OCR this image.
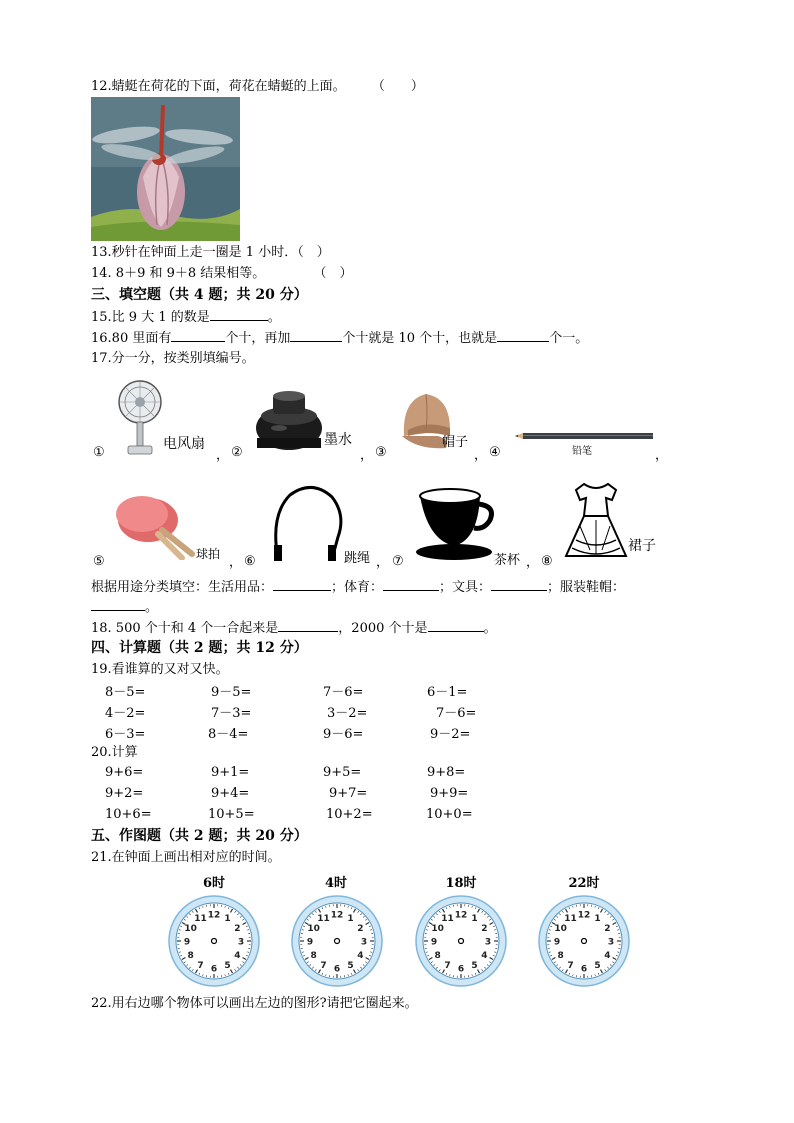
12.蜻蜓在荷花的下面，荷花在蜻蜓的上面。 （　　）
13.秒针在钟面上走一圈是 1 小时．（　）
14. 8＋9 和 9＋8 结果相等。	（　）
三、填空题（共 4 题；共 20 分）
15.比 9 大 1 的数是	。
16.80 里面有	个十，再加	个十就是 10 个十，也就是	个一。
17.分一分，按类别填编号。
①
电风扇
， ②
墨水
， ③
帽子
， ④	铅笔	，
⑤	球拍
， ⑥	跳绳 ， ⑦	茶杯 ， ⑧
裙子
根据用途分类填空：生活用品：	；体育：	；文具：	；服装鞋帽：
。
18. 500 个十和 4 个一合起来是	，2000 个十是	。
四、计算题（共 2 题；共 12 分）
19.看谁算的又对又快。
8－5=	9－5=	7－6=	6－1=
4－2=	7－3=	3－2=	7－6=
6－3=	8－4=	9－6=	9－2=
20.计算
9+6=	9+1=	9+5=	9+8=
9+2=	9+4=	9+7=	9+9=
10+6=	10+5=	10+2=	10+0=
五、作图题（共 2 题；共 20 分）
21.在钟面上画出相对应的时间。
6时	4时	18时	22时
12 1
2
3
4
5
6
7
8
9
10
11	12 1
2
3
4
5
6
7
8
9
10
11	12 1
2
3
4
5
6
7
8
9
10
11	12 1
2
3
4
5
6
7
8
9
10
11
22.用右边哪个物体可以画出左边的图形?请把它圈起来。
